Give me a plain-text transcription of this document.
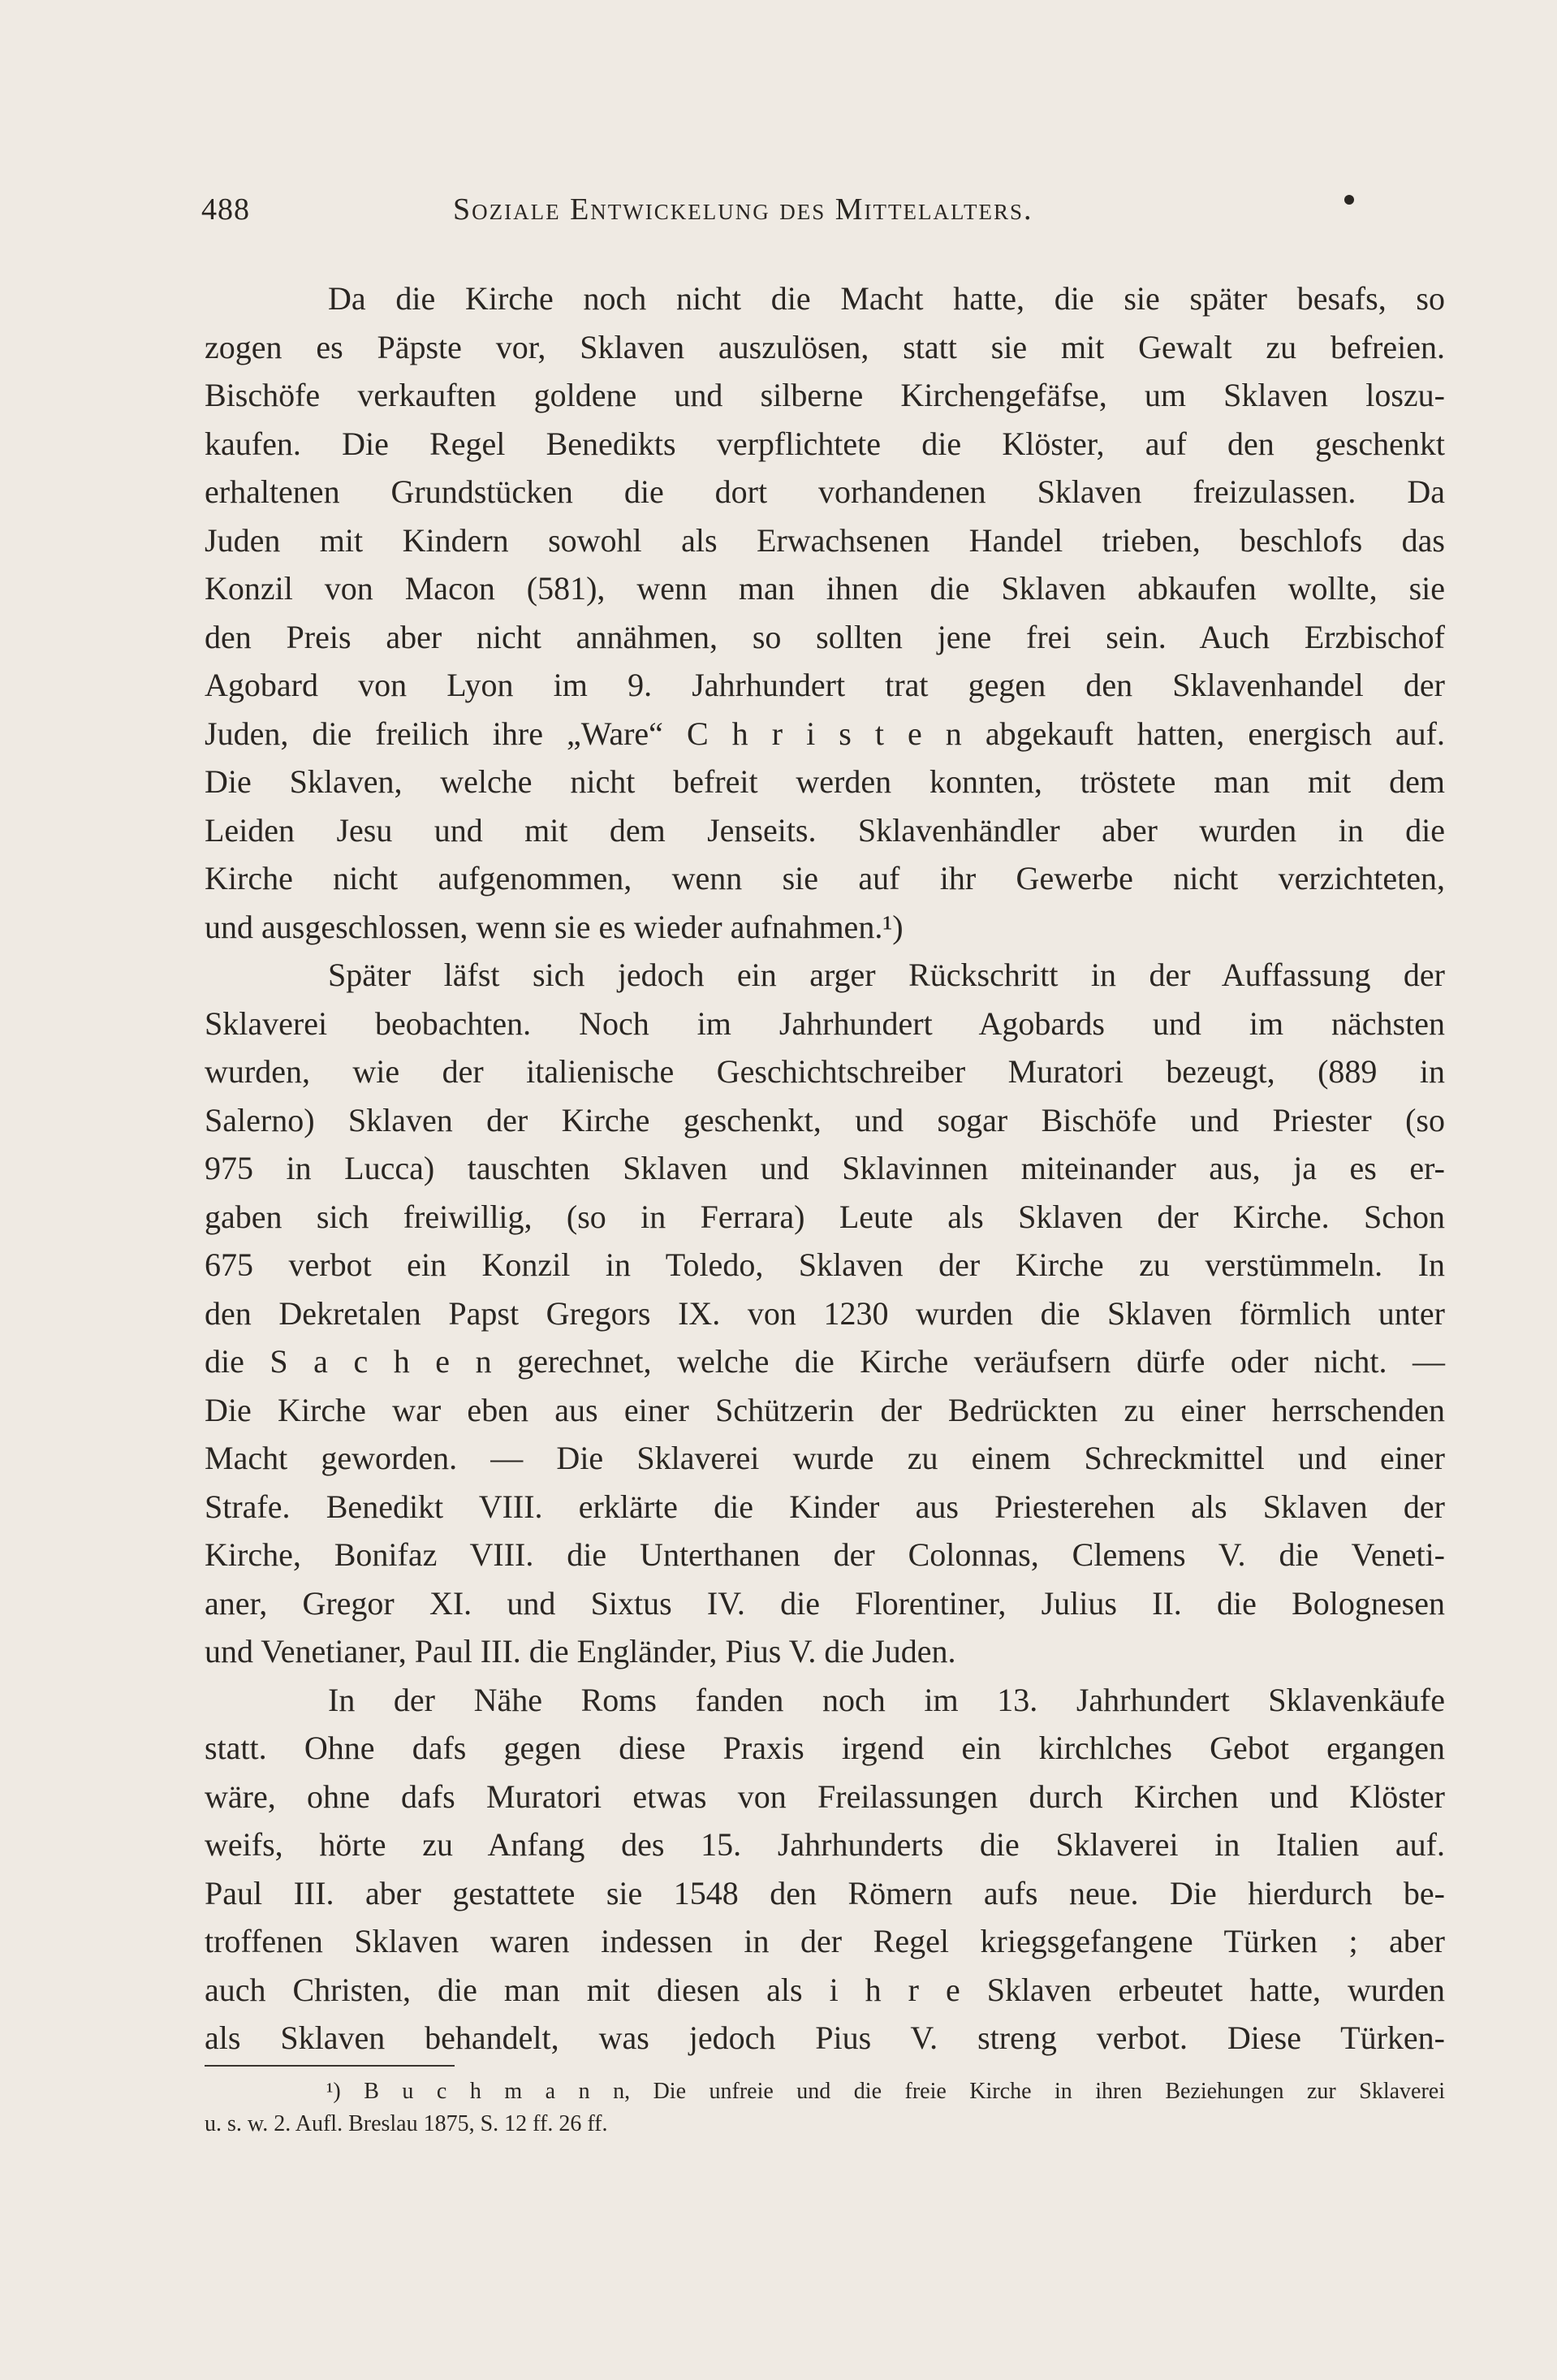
488	Soziale Entwickelung des Mittelalters.
Da die Kirche noch nicht die Macht hatte, die sie später besafs, so
zogen es Päpste vor, Sklaven auszulösen, statt sie mit Gewalt zu befreien.
Bischöfe verkauften goldene und silberne Kirchengefäfse, um Sklaven loszu-
kaufen. Die Regel Benedikts verpflichtete die Klöster, auf den geschenkt
erhaltenen Grundstücken die dort vorhandenen Sklaven freizulassen. Da
Juden mit Kindern sowohl als Erwachsenen Handel trieben, beschlofs das
Konzil von Macon (581), wenn man ihnen die Sklaven abkaufen wollte, sie
den Preis aber nicht annähmen, so sollten jene frei sein. Auch Erzbischof
Agobard von Lyon im 9. Jahrhundert trat gegen den Sklavenhandel der
Juden, die freilich ihre „Ware“ C h r i s t e n abgekauft hatten, energisch auf.
Die Sklaven, welche nicht befreit werden konnten, tröstete man mit dem
Leiden Jesu und mit dem Jenseits. Sklavenhändler aber wurden in die
Kirche nicht aufgenommen, wenn sie auf ihr Gewerbe nicht verzichteten,
und ausgeschlossen, wenn sie es wieder aufnahmen.¹)
Später läfst sich jedoch ein arger Rückschritt in der Auffassung der
Sklaverei beobachten. Noch im Jahrhundert Agobards und im nächsten
wurden, wie der italienische Geschichtschreiber Muratori bezeugt, (889 in
Salerno) Sklaven der Kirche geschenkt, und sogar Bischöfe und Priester (so
975 in Lucca) tauschten Sklaven und Sklavinnen miteinander aus, ja es er-
gaben sich freiwillig, (so in Ferrara) Leute als Sklaven der Kirche. Schon
675 verbot ein Konzil in Toledo, Sklaven der Kirche zu verstümmeln. In
den Dekretalen Papst Gregors IX. von 1230 wurden die Sklaven förmlich unter
die S a c h e n gerechnet, welche die Kirche veräufsern dürfe oder nicht. —
Die Kirche war eben aus einer Schützerin der Bedrückten zu einer herrschenden
Macht geworden. — Die Sklaverei wurde zu einem Schreckmittel und einer
Strafe. Benedikt VIII. erklärte die Kinder aus Priesterehen als Sklaven der
Kirche, Bonifaz VIII. die Unterthanen der Colonnas, Clemens V. die Veneti-
aner, Gregor XI. und Sixtus IV. die Florentiner, Julius II. die Bolognesen
und Venetianer, Paul III. die Engländer, Pius V. die Juden.
In der Nähe Roms fanden noch im 13. Jahrhundert Sklavenkäufe
statt. Ohne dafs gegen diese Praxis irgend ein kirchlches Gebot ergangen
wäre, ohne dafs Muratori etwas von Freilassungen durch Kirchen und Klöster
weifs, hörte zu Anfang des 15. Jahrhunderts die Sklaverei in Italien auf.
Paul III. aber gestattete sie 1548 den Römern aufs neue. Die hierdurch be-
troffenen Sklaven waren indessen in der Regel kriegsgefangene Türken ; aber
auch Christen, die man mit diesen als i h r e Sklaven erbeutet hatte, wurden
als Sklaven behandelt, was jedoch Pius V. streng verbot. Diese Türken-
¹) B u c h m a n n, Die unfreie und die freie Kirche in ihren Beziehungen zur Sklaverei
u. s. w. 2. Aufl. Breslau 1875, S. 12 ff. 26 ff.
